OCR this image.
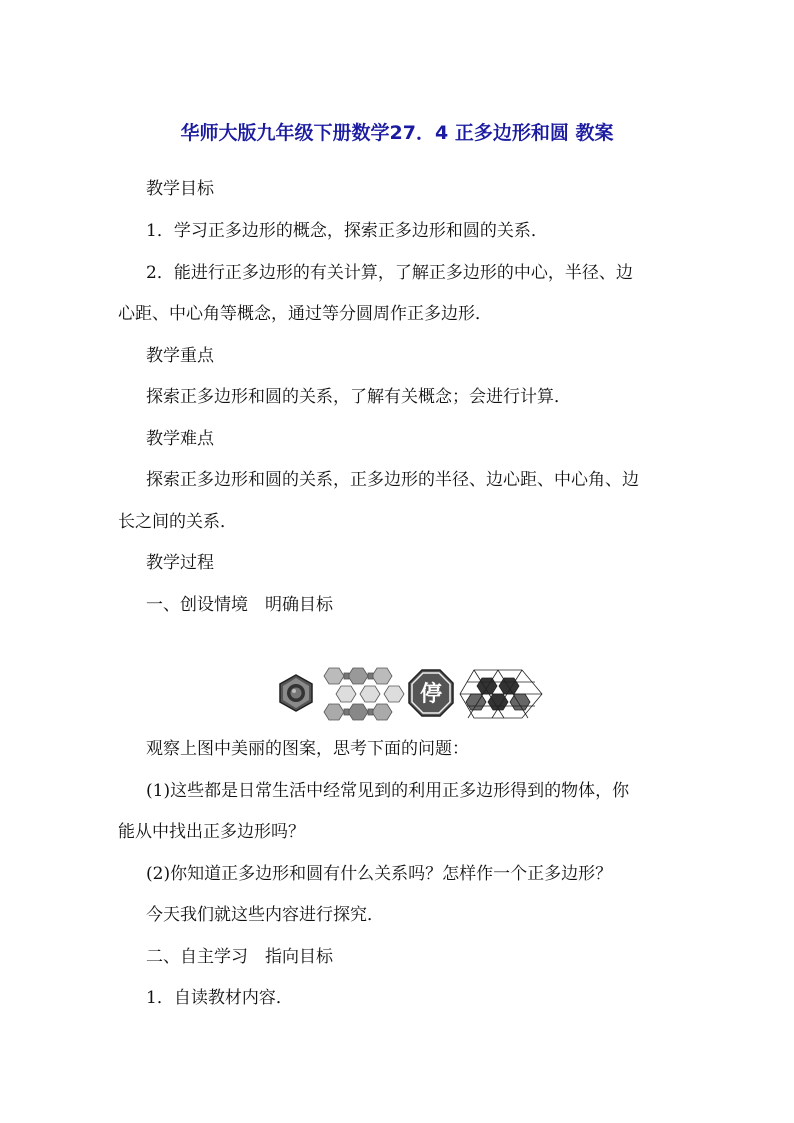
华师大版九年级下册数学27．4 正多边形和圆 教案
教学目标
1．学习正多边形的概念，探索正多边形和圆的关系．
2．能进行正多边形的有关计算，了解正多边形的中心，半径、边
心距、中心角等概念，通过等分圆周作正多边形．
教学重点
探索正多边形和圆的关系，了解有关概念；会进行计算．
教学难点
探索正多边形和圆的关系，正多边形的半径、边心距、中心角、边
长之间的关系．
教学过程
一、创设情境　明确目标
停
观察上图中美丽的图案，思考下面的问题：
(1)这些都是日常生活中经常见到的利用正多边形得到的物体，你
能从中找出正多边形吗？
(2)你知道正多边形和圆有什么关系吗？怎样作一个正多边形？
今天我们就这些内容进行探究．
二、自主学习　指向目标
1．自读教材内容．
